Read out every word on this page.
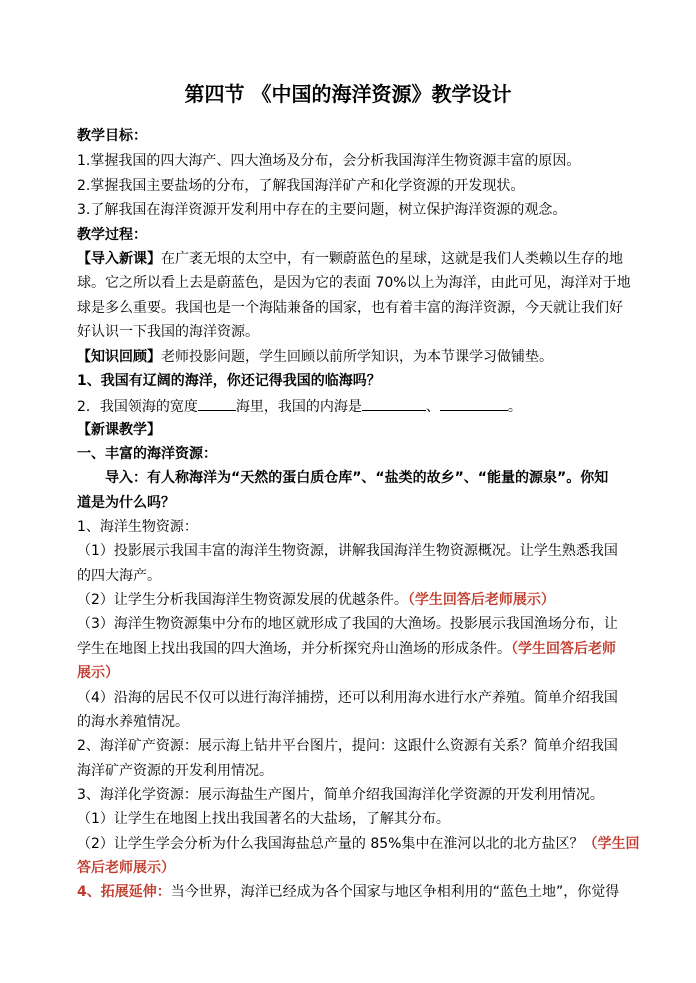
第四节 《中国的海洋资源》教学设计
教学目标：
1.掌握我国的四大海产、四大渔场及分布，会分析我国海洋生物资源丰富的原因。
2.掌握我国主要盐场的分布，了解我国海洋矿产和化学资源的开发现状。
3.了解我国在海洋资源开发利用中存在的主要问题，树立保护海洋资源的观念。
教学过程：
【导入新课】在广袤无垠的太空中，有一颗蔚蓝色的星球，这就是我们人类赖以生存的地
球。它之所以看上去是蔚蓝色，是因为它的表面 70%以上为海洋，由此可见，海洋对于地
球是多么重要。我国也是一个海陆兼备的国家，也有着丰富的海洋资源，今天就让我们好
好认识一下我国的海洋资源。
【知识回顾】老师投影问题，学生回顾以前所学知识，为本节课学习做铺垫。
1、我国有辽阔的海洋，你还记得我国的临海吗？
2．我国领海的宽度	海里，我国的内海是	、	。
【新课教学】
一、丰富的海洋资源：
导入：有人称海洋为“天然的蛋白质仓库”、“盐类的故乡”、“能量的源泉”。你知
道是为什么吗？
1、海洋生物资源：
（1）投影展示我国丰富的海洋生物资源，讲解我国海洋生物资源概况。让学生熟悉我国
的四大海产。
（2）让学生分析我国海洋生物资源发展的优越条件。（学生回答后老师展示）
（3）海洋生物资源集中分布的地区就形成了我国的大渔场。投影展示我国渔场分布，让
学生在地图上找出我国的四大渔场，并分析探究舟山渔场的形成条件。（学生回答后老师
展示）
（4）沿海的居民不仅可以进行海洋捕捞，还可以利用海水进行水产养殖。简单介绍我国
的海水养殖情况。
2、海洋矿产资源：展示海上钻井平台图片，提问：这跟什么资源有关系？简单介绍我国
海洋矿产资源的开发利用情况。
3、海洋化学资源：展示海盐生产图片，简单介绍我国海洋化学资源的开发利用情况。
（1）让学生在地图上找出我国著名的大盐场，了解其分布。
（2）让学生学会分析为什么我国海盐总产量的 85%集中在淮河以北的北方盐区？（学生回
答后老师展示）
4、拓展延伸：当今世界，海洋已经成为各个国家与地区争相利用的“蓝色土地”，你觉得
